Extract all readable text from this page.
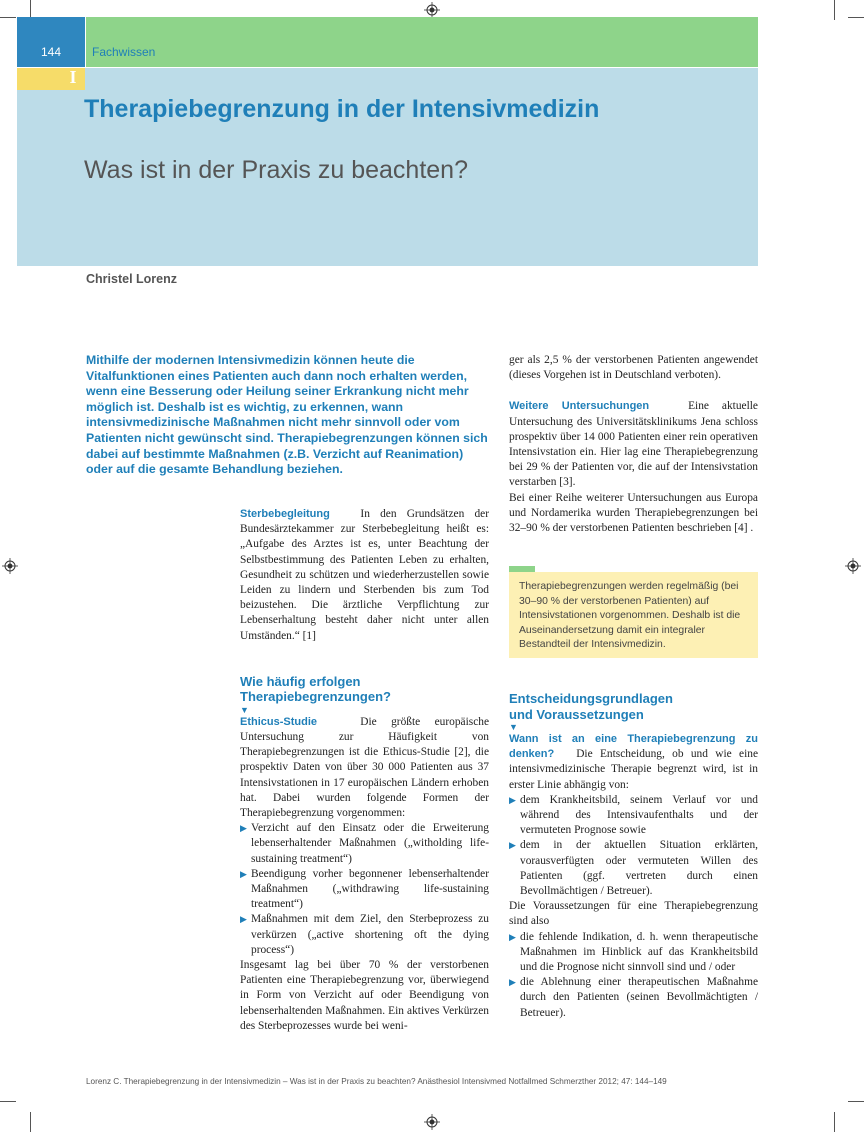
144	Fachwissen
I
Therapiebegrenzung in der Intensivmedizin
Was ist in der Praxis zu beachten?
Christel Lorenz
Mithilfe der modernen Intensivmedizin können heute die Vitalfunktionen eines Patienten auch dann noch erhalten werden, wenn eine Besserung oder Heilung seiner Erkrankung nicht mehr möglich ist. Deshalb ist es wichtig, zu erkennen, wann intensivmedizinische Maßnahmen nicht mehr sinnvoll oder vom Patienten nicht gewünscht sind. Therapiebegrenzungen können sich dabei auf bestimmte Maßnahmen (z.B. Verzicht auf Reanimation) oder auf die gesamte Behandlung beziehen.

Sterbebegleitung	In den Grundsätzen der Bundesärztekammer zur Sterbebegleitung heißt es: „Aufgabe des Arztes ist es, unter Beachtung der Selbstbestimmung des Patienten Leben zu erhalten, Gesundheit zu schützen und wiederherzustellen sowie Leiden zu lindern und Sterbenden bis zum Tod beizustehen. Die ärztliche Verpflichtung zur Lebenserhaltung besteht daher nicht unter allen Umständen.“ [1]

Wie häufig erfolgen
Therapiebegrenzungen?
▼

Ethicus-Studie	Die größte europäische Untersuchung zur Häufigkeit von Therapiebegrenzungen ist die Ethicus-Studie [2], die prospektiv Daten von über 30 000 Patienten aus 37 Intensivstationen in 17 europäischen Ländern erhoben hat. Dabei wurden folgende Formen der Therapiebegrenzung vorgenommen:

▶ Verzicht auf den Einsatz oder die Erweiterung lebenserhaltender Maßnahmen („witholding life-sustaining treatment“)
▶ Beendigung vorher begonnener lebenserhaltender Maßnahmen („withdrawing life-sustaining treatment“)
▶ Maßnahmen mit dem Ziel, den Sterbeprozess zu verkürzen („active shortening oft the dying process“)

Insgesamt lag bei über 70 % der verstorbenen Patienten eine Therapiebegrenzung vor, überwiegend in Form von Verzicht auf oder Beendigung von lebenserhaltenden Maßnahmen. Ein aktives Verkürzen des Sterbeprozesses wurde bei weni-

ger als 2,5 % der verstorbenen Patienten angewendet (dieses Vorgehen ist in Deutschland verboten).

Weitere Untersuchungen	Eine aktuelle Untersuchung des Universitätsklinikums Jena schloss prospektiv über 14 000 Patienten einer rein operativen Intensivstation ein. Hier lag eine Therapiebegrenzung bei 29 % der Patienten vor, die auf der Intensivstation verstarben [3].

Bei einer Reihe weiterer Untersuchungen aus Europa und Nordamerika wurden Therapiebegrenzungen bei 32–90 % der verstorbenen Patienten beschrieben [4] .

Therapiebegrenzungen werden regelmäßig (bei 30–90 % der verstorbenen Patienten) auf Intensivstationen vorgenommen. Deshalb ist die Auseinandersetzung damit ein integraler Bestandteil der Intensivmedizin.
Entscheidungsgrundlagen
und Voraussetzungen
▼

Wann ist an eine Therapiebegrenzung zu denken? Die Entscheidung, ob und wie eine intensivmedizinische Therapie begrenzt wird, ist in erster Linie abhängig von:

▶ dem Krankheitsbild, seinem Verlauf vor und während des Intensivaufenthalts und der vermuteten Prognose sowie
▶ dem in der aktuellen Situation erklärten, vorausverfügten oder vermuteten Willen des Patienten (ggf. vertreten durch einen Bevollmächtigen / Betreuer).

Die Voraussetzungen für eine Therapiebegrenzung sind also

▶ die fehlende Indikation, d. h. wenn therapeutische Maßnahmen im Hinblick auf das Krankheitsbild und die Prognose nicht sinnvoll sind und / oder
▶ die Ablehnung einer therapeutischen Maßnahme durch den Patienten (seinen Bevollmächtigten / Betreuer).
Lorenz C. Therapiebegrenzung in der Intensivmedizin – Was ist in der Praxis zu beachten? Anästhesiol Intensivmed Notfallmed Schmerzther 2012; 47: 144–149
